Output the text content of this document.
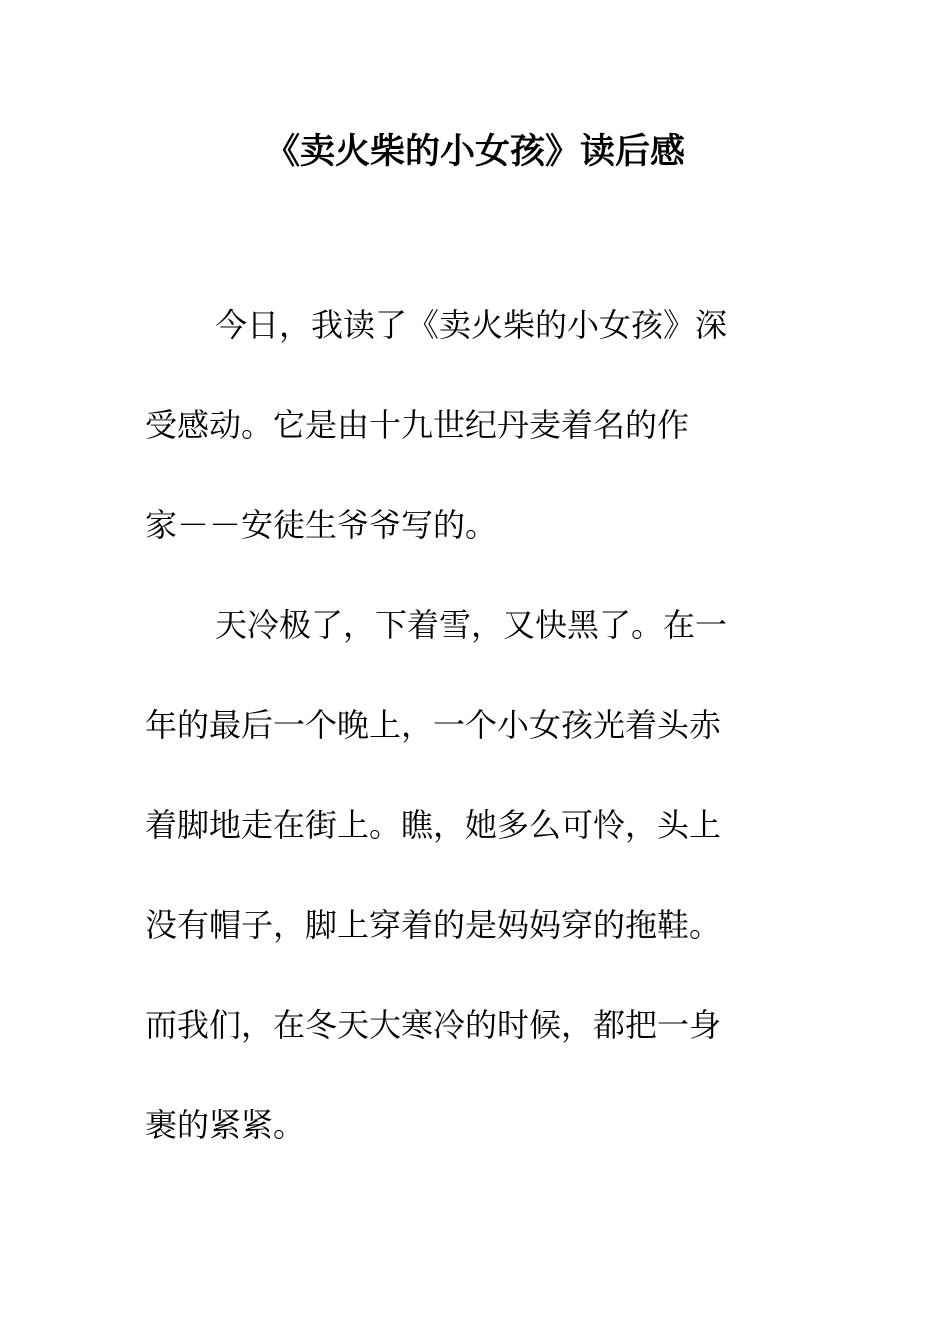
《卖火柴的小女孩》读后感
今日，我读了《卖火柴的小女孩》深
受感动。它是由十九世纪丹麦着名的作
家－－安徒生爷爷写的。
天冷极了，下着雪，又快黑了。在一
年的最后一个晚上，一个小女孩光着头赤
着脚地走在街上。瞧，她多么可怜，头上
没有帽子，脚上穿着的是妈妈穿的拖鞋。
而我们，在冬天大寒冷的时候，都把一身
裹的紧紧。
